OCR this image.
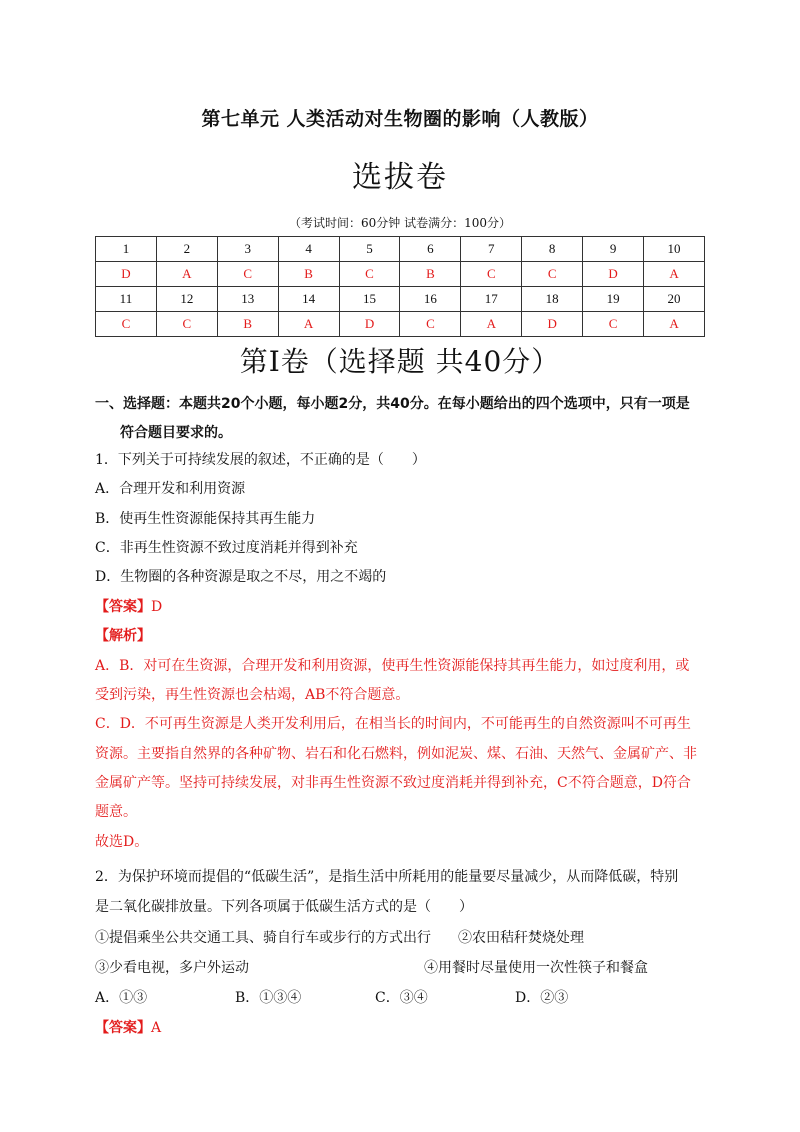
第七单元 人类活动对生物圈的影响（人教版）
选拔卷
（考试时间：60分钟 试卷满分：100分）
1	2	3	4	5	6	7	8	9	10
D	A	C	B	C	B	C	C	D	A
11	12	13	14	15	16	17	18	19	20
C	C	B	A	D	C	A	D	C	A
第Ⅰ卷（选择题 共40分）
一、选择题：本题共20个小题，每小题2分，共40分。在每小题给出的四个选项中，只有一项是
符合题目要求的。
1．下列关于可持续发展的叙述，不正确的是（　　）
A．合理开发和利用资源
B．使再生性资源能保持其再生能力
C．非再生性资源不致过度消耗并得到补充
D．生物圈的各种资源是取之不尽，用之不竭的
【答案】D
【解析】
A．B．对可在生资源，合理开发和利用资源，使再生性资源能保持其再生能力，如过度利用，或
受到污染，再生性资源也会枯竭，AB不符合题意。
C．D．不可再生资源是人类开发利用后，在相当长的时间内，不可能再生的自然资源叫不可再生
资源。主要指自然界的各种矿物、岩石和化石燃料，例如泥炭、煤、石油、天然气、金属矿产、非
金属矿产等。坚持可持续发展，对非再生性资源不致过度消耗并得到补充，C不符合题意，D符合
题意。
故选D。
2．为保护环境而提倡的“低碳生活”，是指生活中所耗用的能量要尽量减少，从而降低碳，特别
是二氧化碳排放量。下列各项属于低碳生活方式的是（　　）
①提倡乘坐公共交通工具、骑自行车或步行的方式出行 ②农田秸秆焚烧处理
③少看电视，多户外运动	④用餐时尽量使用一次性筷子和餐盒
A．①③	B．①③④	C．③④	D．②③
【答案】A
